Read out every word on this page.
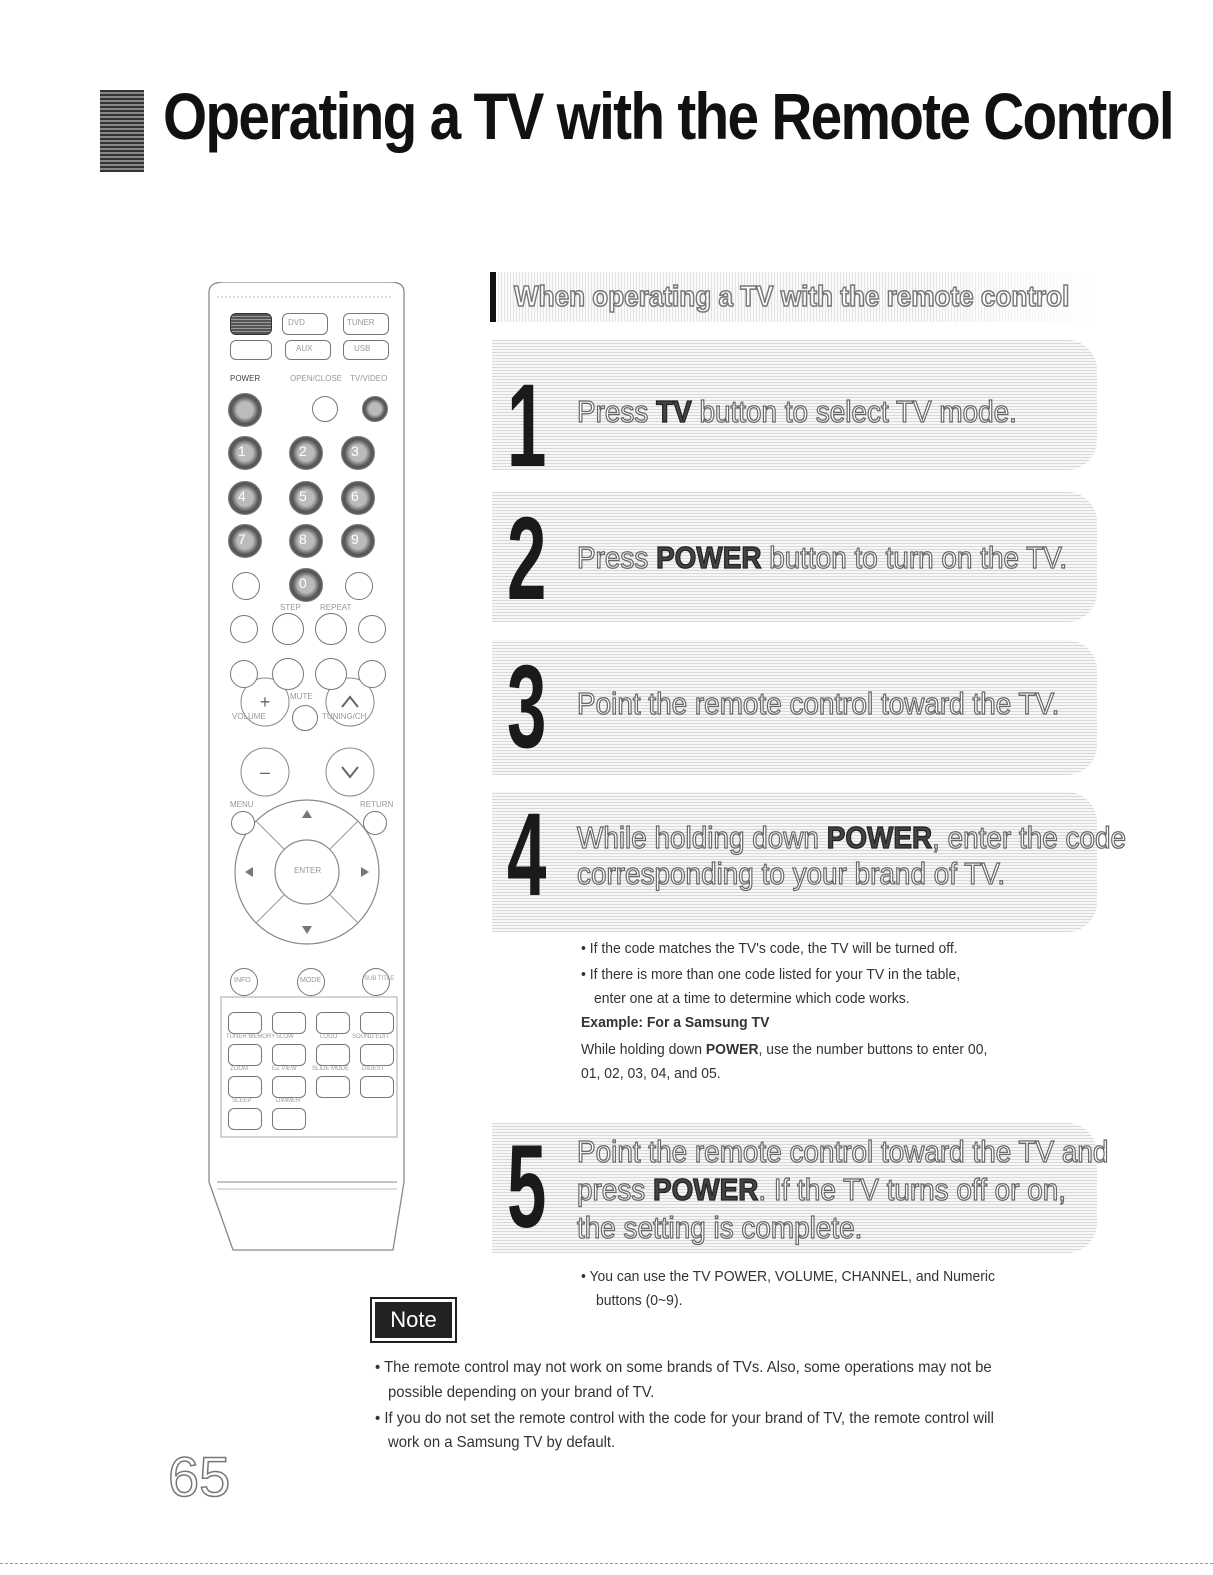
Operating a TV with the Remote Control
+
–
DVD	TUNER
AUX	USB
POWER	OPEN/CLOSE TV/VIDEO
1	2	3
4	5	6
7	8	9
0
STEP REPEAT
MUTE
VOLUME	TUNING/CH
MENU	RETURN
ENTER
INFO	MODE	SUB TITLE
TUNER MEMORY SLOW	LOGO SOUND EDIT
ZOOM	EZ VIEW	SLIDE MODE DIGEST
SLEEP	DIMMER
When operating a TV with the remote control
1
2
3
4
5
Press TV button to select TV mode.
Press POWER button to turn on the TV.
Point the remote control toward the TV.
While holding down POWER, enter the code
corresponding to your brand of TV.
Point the remote control toward the TV and
press POWER. If the TV turns off or on,
the setting is complete.
• If the code matches the TV's code, the TV will be turned off.
• If there is more than one code listed for your TV in the table,
enter one at a time to determine which code works.
Example: For a Samsung TV
While holding down POWER, use the number buttons to enter 00,
01, 02, 03, 04, and 05.
• You can use the TV POWER, VOLUME, CHANNEL, and Numeric
buttons (0~9).
Note
• The remote control may not work on some brands of TVs. Also, some operations may not be
possible depending on your brand of TV.
• If you do not set the remote control with the code for your brand of TV, the remote control will
work on a Samsung TV by default.
65
